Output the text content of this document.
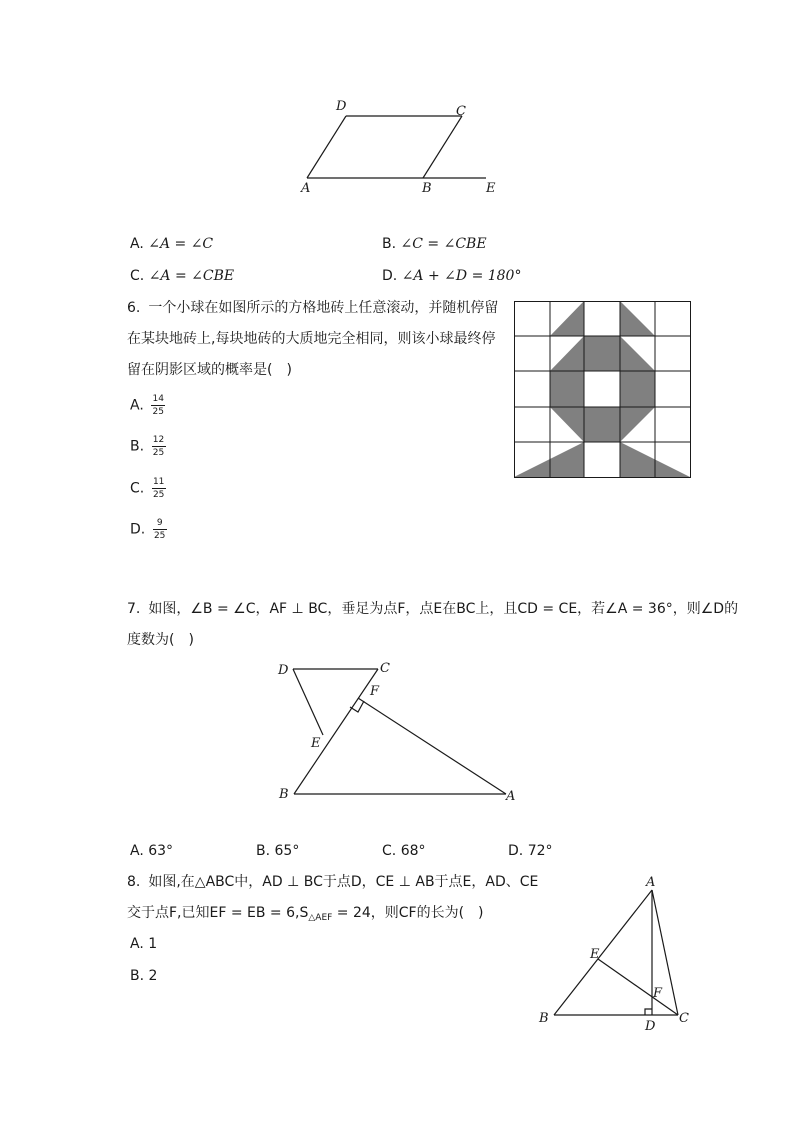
D	C
A	B	E
A. ∠A = ∠C	B. ∠C = ∠CBE
C. ∠A = ∠CBE	D. ∠A + ∠D = 180°
6. 一个小球在如图所示的方格地砖上任意滚动，并随机停留
在某块地砖上,每块地砖的大质地完全相同，则该小球最终停
留在阴影区域的概率是(　)
A. $\frac{14}{25}$
B. $\frac{12}{25}$
C. $\frac{11}{25}$
D. $\frac{9}{25}$
7. 如图，∠B = ∠C，AF ⊥ BC，垂足为点F，点E在BC上，且CD = CE，若∠A = 36°，则∠D的
度数为(　)
D	C
F
E
B	A
A. 63°	B. 65°	C. 68°	D. 72°
8. 如图,在△ABC中，AD ⊥ BC于点D，CE ⊥ AB于点E，AD、CE
交于点F,已知EF = EB = $6,S_{\triangle AEF} = 24$，则CF的长为(　)
A. 1
B. 2
A
E
F
B
D
C
